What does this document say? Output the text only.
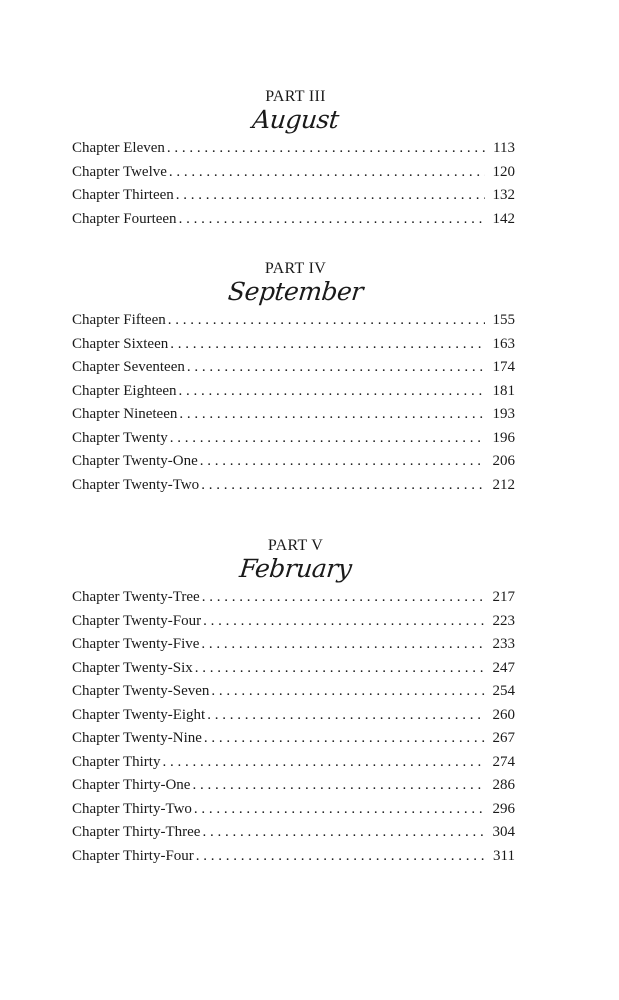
PART III
August
Chapter Eleven . . .	113
Chapter Twelve . . .	120
Chapter Thirteen . . .	132
Chapter Fourteen . . .	142
PART IV
September
Chapter Fifteen . . .	155
Chapter Sixteen . . .	163
Chapter Seventeen . . .	174
Chapter Eighteen . . .	181
Chapter Nineteen . . .	193
Chapter Twenty . . .	196
Chapter Twenty-One . . .	206
Chapter Twenty-Two . . .	212
PART V
February
Chapter Twenty-Tree . . .	217
Chapter Twenty-Four . . .	223
Chapter Twenty-Five . . .	233
Chapter Twenty-Six . . .	247
Chapter Twenty-Seven . . .	254
Chapter Twenty-Eight . . .	260
Chapter Twenty-Nine . . .	267
Chapter Thirty . . .	274
Chapter Thirty-One . . .	286
Chapter Thirty-Two . . .	296
Chapter Thirty-Three . . .	304
Chapter Thirty-Four . . .	311
